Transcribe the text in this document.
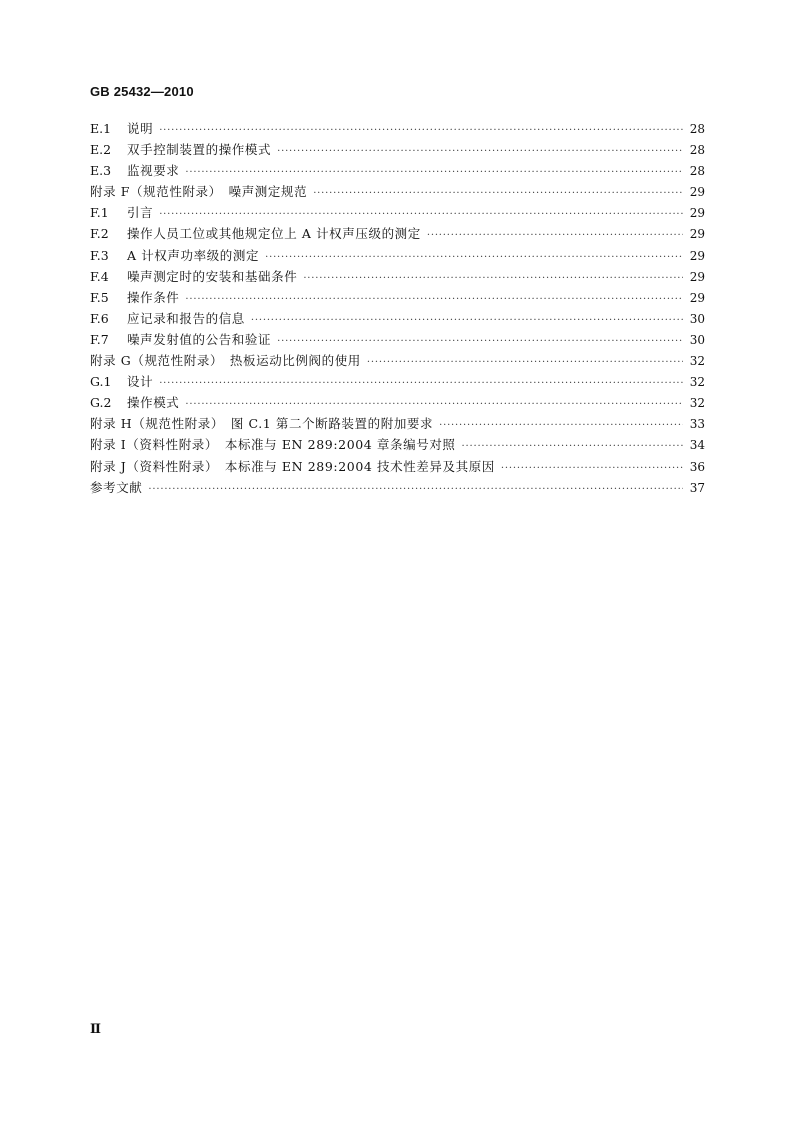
GB 25432—2010
E.1	说明 ·····	28
E.2	双手控制装置的操作模式 ·····	28
E.3	监视要求 ·····	28
附录 F（规范性附录）　噪声测定规范 ·····	29
F.1	引言 ·····	29
F.2	操作人员工位或其他规定位上 A 计权声压级的测定 ·····	29
F.3	A 计权声功率级的测定 ·····	29
F.4	噪声测定时的安装和基础条件 ·····	29
F.5	操作条件 ·····	29
F.6	应记录和报告的信息 ·····	30
F.7	噪声发射值的公告和验证 ·····	30
附录 G（规范性附录）　热板运动比例阀的使用 ·····	32
G.1	设计 ·····	32
G.2	操作模式 ·····	32
附录 H（规范性附录）　图 C.1 第二个断路装置的附加要求 ·····	33
附录 I（资料性附录）　本标准与 EN 289:2004 章条编号对照 ·····	34
附录 J（资料性附录）　本标准与 EN 289:2004 技术性差异及其原因 ·····	36
参考文献 ·····	37
Ⅱ
